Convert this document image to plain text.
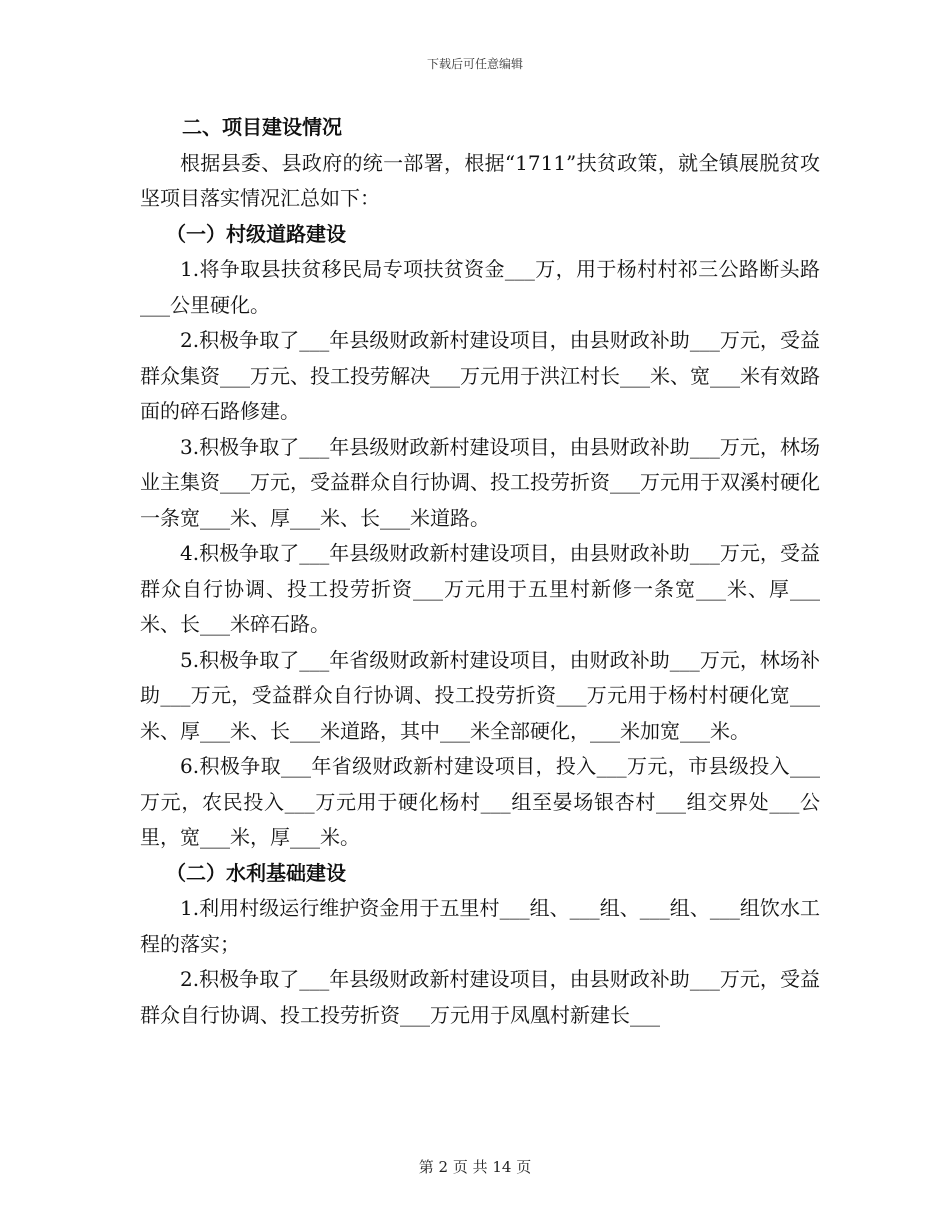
下载后可任意编辑

二、项目建设情况

根据县委、县政府的统一部署，根据“1711”扶贫政策，就全镇展脱贫攻坚项目落实情况汇总如下：

（一）村级道路建设

1.将争取县扶贫移民局专项扶贫资金___万，用于杨村村祁三公路断头路___公里硬化。

2.积极争取了___年县级财政新村建设项目，由县财政补助___万元，受益群众集资___万元、投工投劳解决___万元用于洪江村长___米、宽___米有效路面的碎石路修建。

3.积极争取了___年县级财政新村建设项目，由县财政补助___万元，林场业主集资___万元，受益群众自行协调、投工投劳折资___万元用于双溪村硬化一条宽___米、厚___米、长___米道路。

4.积极争取了___年县级财政新村建设项目，由县财政补助___万元，受益群众自行协调、投工投劳折资___万元用于五里村新修一条宽___米、厚___米、长___米碎石路。

5.积极争取了___年省级财政新村建设项目，由财政补助___万元，林场补助___万元，受益群众自行协调、投工投劳折资___万元用于杨村村硬化宽___米、厚___米、长___米道路，其中___米全部硬化，___米加宽___米。

6.积极争取___年省级财政新村建设项目，投入___万元，市县级投入___万元，农民投入___万元用于硬化杨村___组至晏场银杏村___组交界处___公里，宽___米，厚___米。

（二）水利基础建设

1.利用村级运行维护资金用于五里村___组、___组、___组、___组饮水工程的落实；

2.积极争取了___年县级财政新村建设项目，由县财政补助___万元，受益群众自行协调、投工投劳折资___万元用于凤凰村新建长___

第 2 页 共 14 页
